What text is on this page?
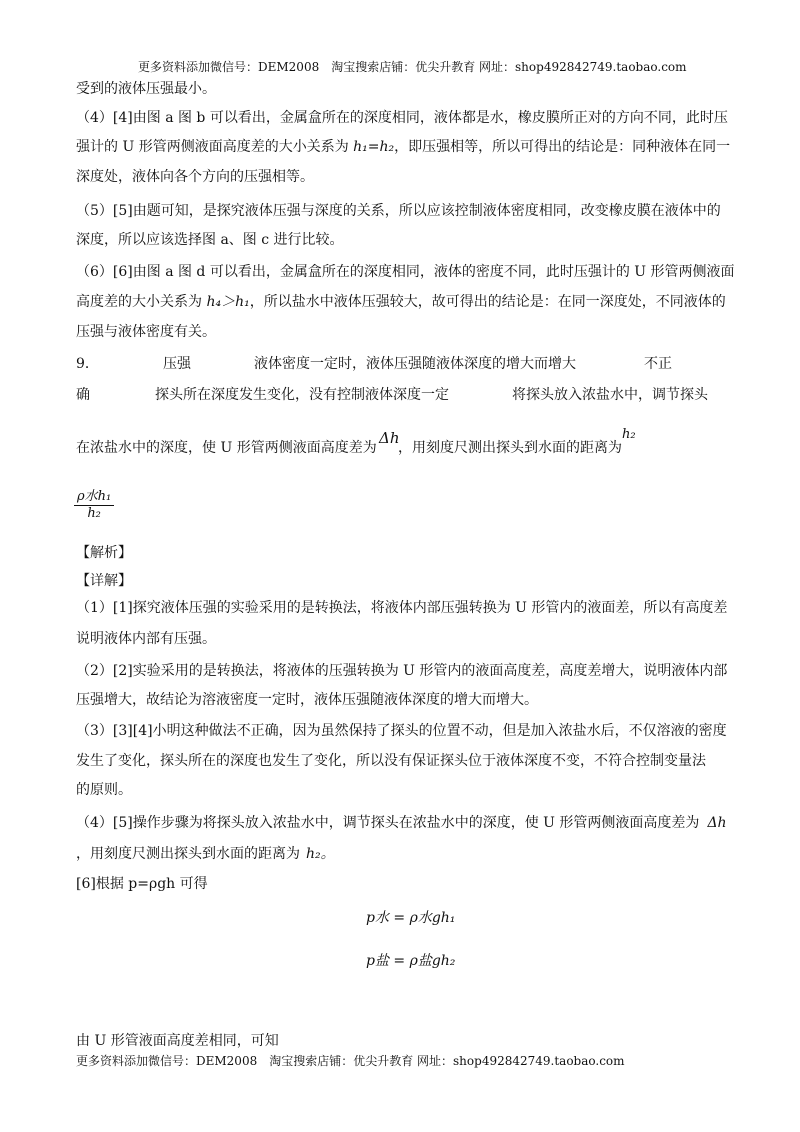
更多资料添加微信号：DEM2008　淘宝搜索店铺：优尖升教育 网址：shop492842749.taobao.com
受到的液体压强最小。
（4）[4]由图 a 图 b 可以看出，金属盒所在的深度相同，液体都是水，橡皮膜所正对的方向不同，此时压
强计的 U 形管两侧液面高度差的大小关系为 h₁=h₂，即压强相等，所以可得出的结论是：同种液体在同一
深度处，液体向各个方向的压强相等。
（5）[5]由题可知，是探究液体压强与深度的关系，所以应该控制液体密度相同，改变橡皮膜在液体中的
深度，所以应该选择图 a、图 c 进行比较。
（6）[6]由图 a 图 d 可以看出，金属盒所在的深度相同，液体的密度不同，此时压强计的 U 形管两侧液面
高度差的大小关系为 h₄＞h₁，所以盐水中液体压强较大，故可得出的结论是：在同一深度处，不同液体的
压强与液体密度有关。
9．	压强	液体密度一定时，液体压强随液体深度的增大而增大	不正
确	探头所在深度发生变化，没有控制液体深度一定	将探头放入浓盐水中，调节探头
在浓盐水中的深度，使 U 形管两侧液面高度差为
Δh
，用刻度尺测出探头到水面的距离为
h₂
ρ水h₁
h₂
【解析】
【详解】
（1）[1]探究液体压强的实验采用的是转换法，将液体内部压强转换为 U 形管内的液面差，所以有高度差
说明液体内部有压强。
（2）[2]实验采用的是转换法，将液体的压强转换为 U 形管内的液面高度差，高度差增大，说明液体内部
压强增大，故结论为溶液密度一定时，液体压强随液体深度的增大而增大。
（3）[3][4]小明这种做法不正确，因为虽然保持了探头的位置不动，但是加入浓盐水后，不仅溶液的密度
发生了变化，探头所在的深度也发生了变化，所以没有保证探头位于液体深度不变，不符合控制变量法
的原则。
（4）[5]操作步骤为将探头放入浓盐水中，调节探头在浓盐水中的深度，使 U 形管两侧液面高度差为 Δh
，用刻度尺测出探头到水面的距离为 h₂。
[6]根据 p=ρgh 可得
p水 = ρ水gh₁
p盐 = ρ盐gh₂
由 U 形管液面高度差相同，可知
更多资料添加微信号：DEM2008　淘宝搜索店铺：优尖升教育 网址：shop492842749.taobao.com
